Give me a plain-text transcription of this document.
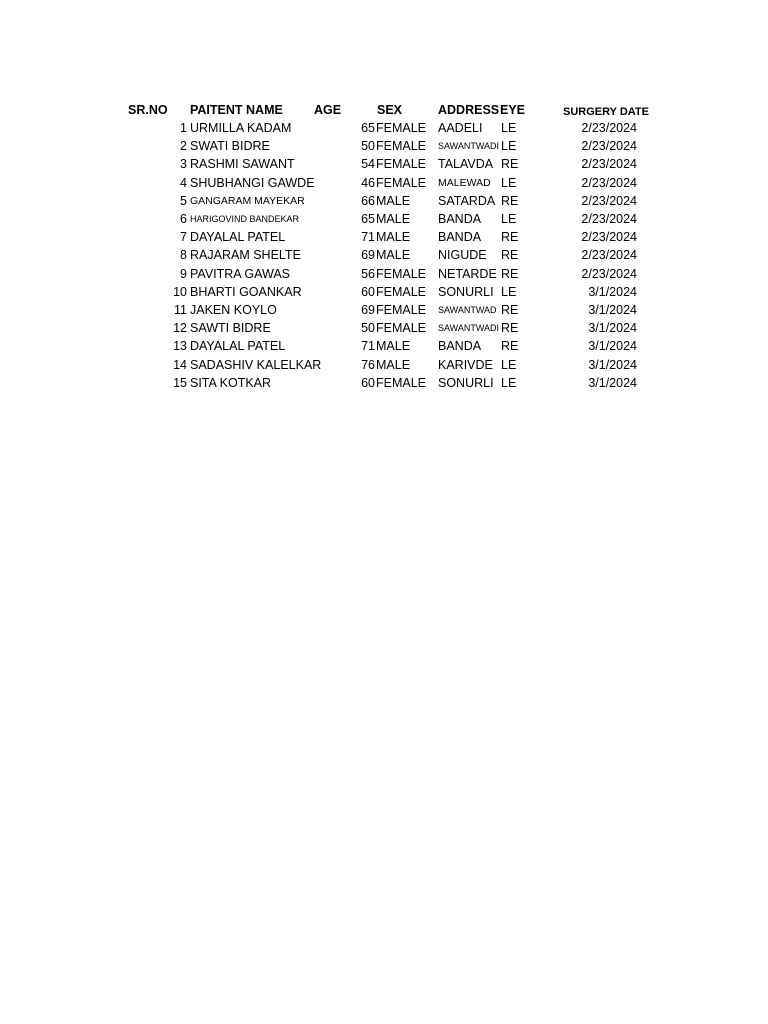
SR.NO PAITENT NAME AGE	SEX	ADDRESS EYE	SURGERY DATE
1 URMILLA KADAM	65 FEMALE AADELI LE	2/23/2024
2 SWATI BIDRE	50 FEMALE SAWANTWADI LE	2/23/2024
3 RASHMI SAWANT	54 FEMALE TALAVDA RE	2/23/2024
4 SHUBHANGI GAWDE	46 FEMALE MALEWAD LE	2/23/2024
5 GANGARAM MAYEKAR	66 MALE SATARDA RE	2/23/2024
6 HARIGOVIND BANDEKAR	65 MALE BANDA LE	2/23/2024
7 DAYALAL PATEL	71 MALE BANDA RE	2/23/2024
8 RAJARAM SHELTE	69 MALE NIGUDE RE	2/23/2024
9 PAVITRA GAWAS	56 FEMALE NETARDE RE	2/23/2024
10 BHARTI GOANKAR	60 FEMALE SONURLI LE	3/1/2024
11 JAKEN KOYLO	69 FEMALE SAWANTWAD RE	3/1/2024
12 SAWTI BIDRE	50 FEMALE SAWANTWADI RE	3/1/2024
13 DAYALAL PATEL	71 MALE BANDA RE	3/1/2024
14 SADASHIV KALELKAR	76 MALE KARIVDE LE	3/1/2024
15 SITA KOTKAR	60 FEMALE SONURLI LE	3/1/2024
